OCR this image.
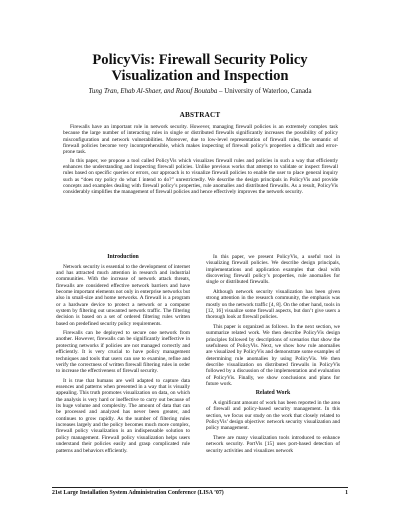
PolicyVis: Firewall Security Policy
Visualization and Inspection
Tung Tran, Ehab Al-Shaer, and Raouf Boutaba – University of Waterloo, Canada
ABSTRACT

Firewalls have an important role in network security. However, managing firewall policies is an extremely complex task because the large number of interacting rules in single or distributed firewalls significantly increases the possibility of policy misconfiguration and network vulnerabilities. Moreover, due to low-level representation of firewall rules, the semantic of firewall policies become very incomprehensible, which makes inspecting of firewall policy’s properties a difficult and error-prone task.

In this paper, we propose a tool called PolicyVis which visualizes firewall rules and policies in such a way that efficiently enhances the understanding and inspecting firewall policies. Unlike previous works that attempt to validate or inspect firewall rules based on specific queries or errors, our approach is to visualize firewall policies to enable the user to place general inquiry such as “does my policy do what I intend to do?” unrestrictedly. We describe the design principals in PolicyVis and provide concepts and examples dealing with firewall policy’s properties, rule anomalies and distributed firewalls. As a result, PolicyVis considerably simplifies the management of firewall policies and hence effectively improves the network security.

Introduction

Network security is essential to the development of internet and has attracted much attention in research and industrial communities. With the increase of network attack threats, firewalls are considered effective network barriers and have become important elements not only in enterprise networks but also in small-size and home networks. A firewall is a program or a hardware device to protect a network or a computer system by filtering out unwanted network traffic. The filtering decision is based on a set of ordered filtering rules written based on predefined security policy requirements.

Firewalls can be deployed to secure one network from another. However, firewalls can be significantly ineffective in protecting networks if policies are not managed correctly and efficiently. It is very crucial to have policy management techniques and tools that users can use to examine, refine and verify the correctness of written firewall filtering rules in order to increase the effectiveness of firewall security.

It is true that humans are well adapted to capture data essences and patterns when presented in a way that is visually appealing. This truth promotes visualization on data, on which the analysis is very hard or ineffective to carry out because of its huge volume and complexity. The amount of data that can be processed and analyzed has never been greater, and continues to grow rapidly. As the number of filtering rules increases largely and the policy becomes much more complex, firewall policy visualization is an indispensable solution to policy management. Firewall policy visualization helps users understand their policies easily and grasp complicated rule patterns and behaviors efficiently.

In this paper, we present PolicyVis, a useful tool in visualizing firewall policies. We describe design principals, implementations and application examples that deal with discovering firewall policy’s properties, rule anomalies for single or distributed firewalls.

Although network security visualization has been given strong attention in the research community, the emphasis was mostly on the network traffic [4, 8]. On the other hand, tools in [12, 16] visualize some firewall aspects, but don’t give users a thorough look at firewall policies.

This paper is organized as follows. In the next section, we summarize related work. We then describe PolicyVis design principles followed by descriptions of scenarios that show the usefulness of PolicyVis. Next, we show how rule anomalies are visualized by PolicyVis and demonstrate some examples of determining rule anomalies by using PolicyVis. We then describe visualization on distributed firewalls in PolicyVis followed by a discussion of the implementation and evaluation of PolicyVis. Finally, we show conclusions and plans for future work.

Related Work

A significant amount of work has been reported in the area of firewall and policy-based security management. In this section, we focus our study on the work that closely related to PolicyVis’ design objective: network security visualization and policy management.

There are many visualization tools introduced to enhance network security. PortVis [15] uses port-based detection of security activities and visualizes network

21st Large Installation System Administration Conference (LISA ’07)	1
